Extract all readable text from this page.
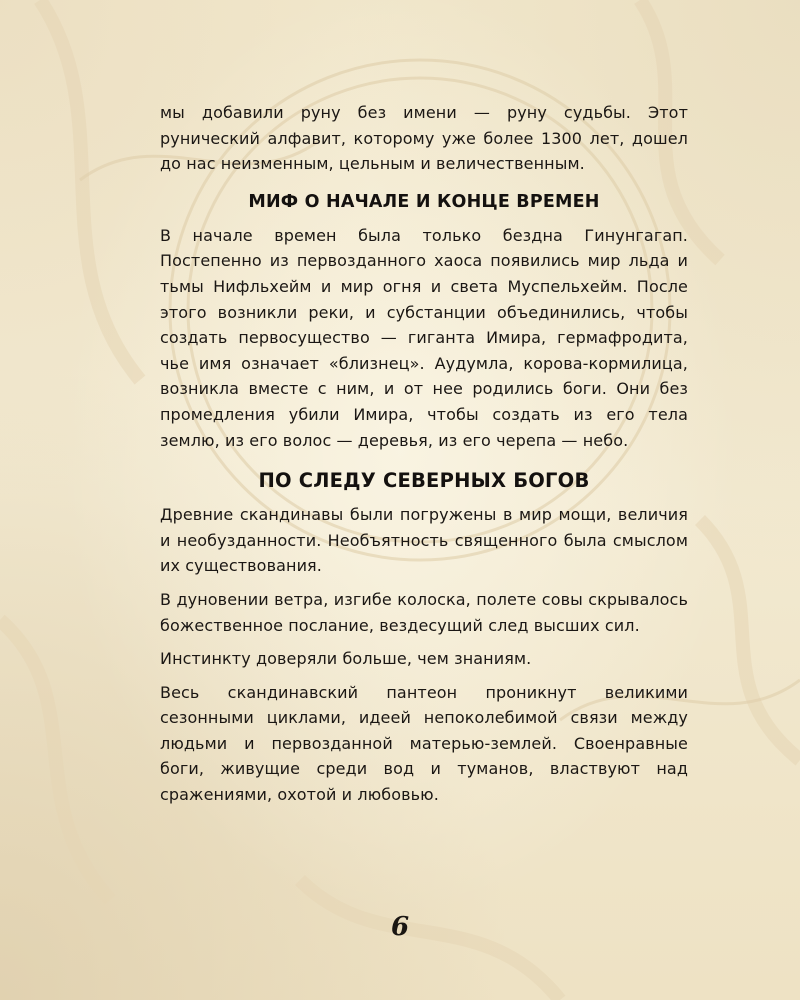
мы добавили руну без имени — руну судьбы. Этот рунический алфавит, которому уже более 1300 лет, дошел до нас неизменным, цельным и величественным.

МИФ О НАЧАЛЕ И КОНЦЕ ВРЕМЕН

В начале времен была только бездна Гинунгагап. Постепенно из первозданного хаоса появились мир льда и тьмы Нифльхейм и мир огня и света Муспельхейм. После этого возникли реки, и субстанции объединились, чтобы создать первосущество — гиганта Имира, гермафродита, чье имя означает «близнец». Аудумла, корова-кормилица, возникла вместе с ним, и от нее родились боги. Они без промедления убили Имира, чтобы создать из его тела землю, из его волос — деревья, из его черепа — небо.

ПО СЛЕДУ СЕВЕРНЫХ БОГОВ

Древние скандинавы были погружены в мир мощи, величия и необузданности. Необъятность священного была смыслом их существования.

В дуновении ветра, изгибе колоска, полете совы скрывалось божественное послание, вездесущий след высших сил.

Инстинкту доверяли больше, чем знаниям.

Весь скандинавский пантеон проникнут великими сезонными циклами, идеей непоколебимой связи между людьми и первозданной матерью-землей. Своенравные боги, живущие среди вод и туманов, властвуют над сражениями, охотой и любовью.

6
